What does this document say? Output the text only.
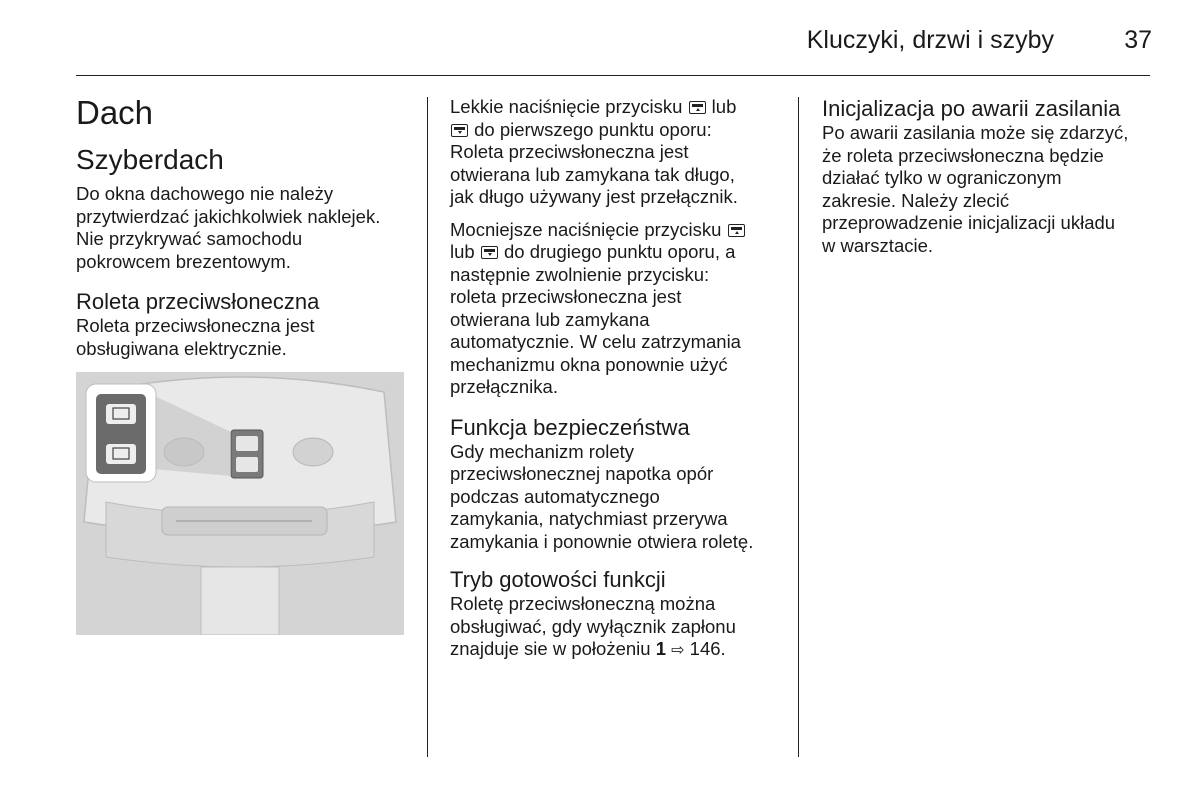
Kluczyki, drzwi i szyby	37
Dach
Szyberdach

Do okna dachowego nie należy
przytwierdzać jakichkolwiek naklejek.
Nie przykrywać samochodu
pokrowcem brezentowym.

Roleta przeciwsłoneczna

Roleta przeciwsłoneczna jest
obsługiwana elektrycznie.

Lekkie naciśnięcie przycisku lub
do pierwszego punktu oporu:
Roleta przeciwsłoneczna jest
otwierana lub zamykana tak długo,
jak długo używany jest przełącznik.

Mocniejsze naciśnięcie przycisku
lub do drugiego punktu oporu, a
następnie zwolnienie przycisku:
roleta przeciwsłoneczna jest
otwierana lub zamykana
automatycznie. W celu zatrzymania
mechanizmu okna ponownie użyć
przełącznika.

Funkcja bezpieczeństwa

Gdy mechanizm rolety
przeciwsłonecznej napotka opór
podczas automatycznego
zamykania, natychmiast przerywa
zamykania i ponownie otwiera roletę.

Tryb gotowości funkcji

Roletę przeciwsłoneczną można
obsługiwać, gdy wyłącznik zapłonu
znajduje sie w położeniu 1 ⇨ 146.

Inicjalizacja po awarii zasilania

Po awarii zasilania może się zdarzyć,
że roleta przeciwsłoneczna będzie
działać tylko w ograniczonym
zakresie. Należy zlecić
przeprowadzenie inicjalizacji układu
w warsztacie.
